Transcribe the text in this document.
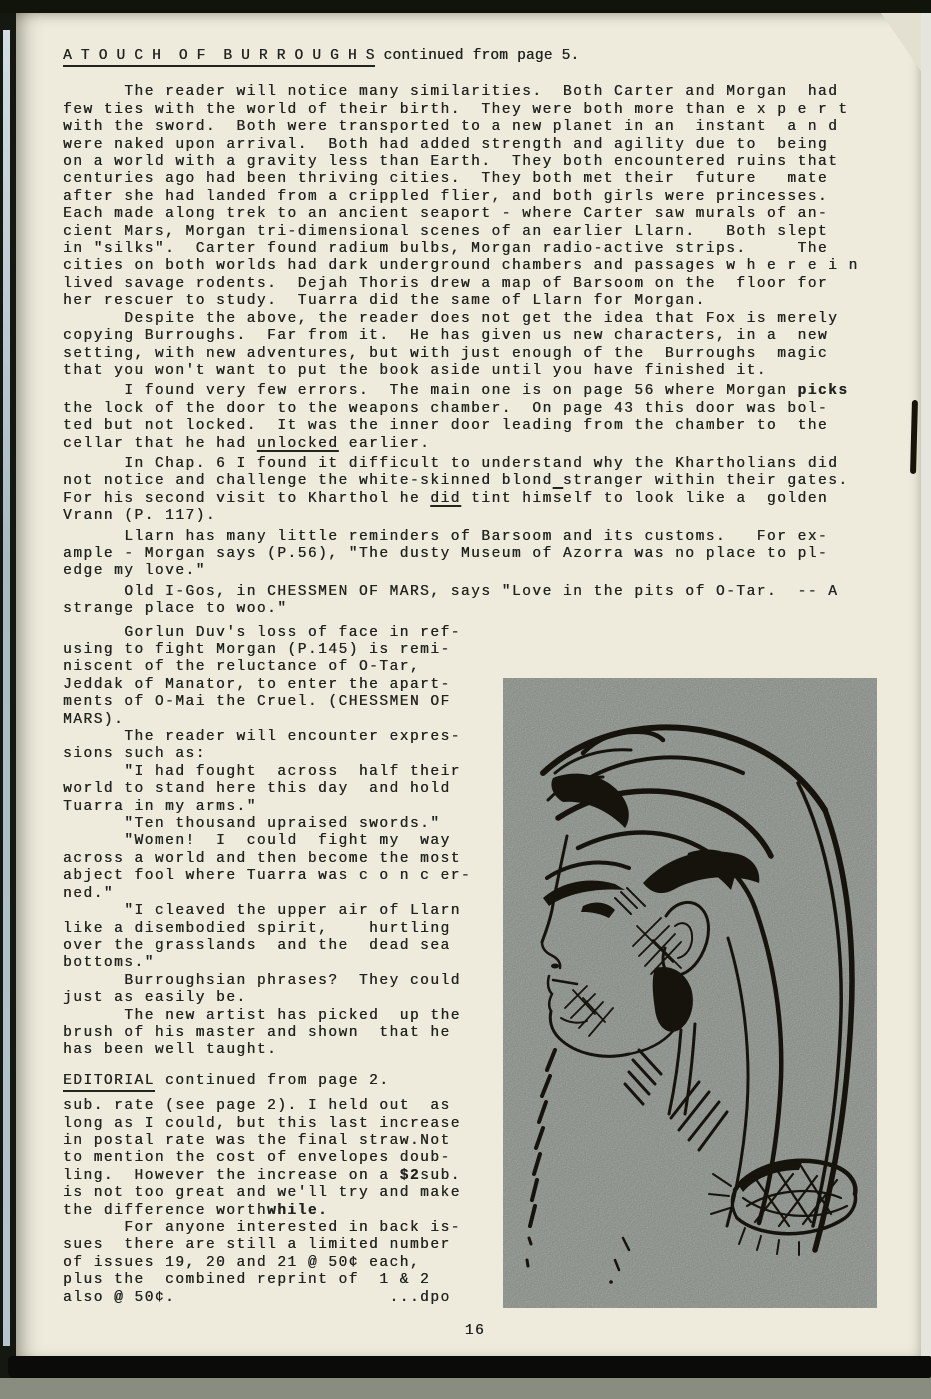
A T O U C H  O F  B U R R O U G H S continued from page 5.
The reader will notice many similarities.  Both Carter and Morgan  had
few ties with the world of their birth.  They were both more than e x p e r t
with the sword.  Both were transported to a new planet in an  instant  a n d
were naked upon arrival.  Both had added strength and agility due to  being
on a world with a gravity less than Earth.  They both encountered ruins that
centuries ago had been thriving cities.  They both met their  future   mate
after she had landed from a crippled flier, and both girls were princesses.
Each made along trek to an ancient seaport - where Carter saw murals of an-
cient Mars, Morgan tri-dimensional scenes of an earlier Llarn.   Both slept
in "silks".  Carter found radium bulbs, Morgan radio-active strips.     The
cities on both worlds had dark underground chambers and passages w h e r e i n
lived savage rodents.  Dejah Thoris drew a map of Barsoom on the  floor for
her rescuer to study.  Tuarra did the same of Llarn for Morgan.
Despite the above, the reader does not get the idea that Fox is merely
copying Burroughs.  Far from it.  He has given us new characters, in a  new
setting, with new adventures, but with just enough of the  Burroughs  magic
that you won't want to put the book aside until you have finished it.
I found very few errors.  The main one is on page 56 where Morgan picks
the lock of the door to the weapons chamber.  On page 43 this door was bol-
ted but not locked.  It was the inner door leading from the chamber to  the
cellar that he had unlocked earlier.
In Chap. 6 I found it difficult to understand why the Khartholians did
not notice and challenge the white-skinned blond stranger within their gates.
For his second visit to Kharthol he did tint himself to look like a  golden
Vrann (P. 117).
Llarn has many little reminders of Barsoom and its customs.   For ex-
ample - Morgan says (P.56), "The dusty Museum of Azorra was no place to pl-
edge my love."
Old I-Gos, in CHESSMEN OF MARS, says "Love in the pits of O-Tar.  -- A
strange place to woo."
Gorlun Duv's loss of face in ref-
using to fight Morgan (P.145) is remi-
niscent of the reluctance of O-Tar,
Jeddak of Manator, to enter the apart-
ments of O-Mai the Cruel. (CHESSMEN OF
MARS).
The reader will encounter expres-
sions such as:
"I had fought  across  half their
world to stand here this day  and hold
Tuarra in my arms."
"Ten thousand upraised swords."
"Women!  I  could  fight my  way
across a world and then become the most
abject fool where Tuarra was c o n c er-
ned."
"I cleaved the upper air of Llarn
like a disembodied spirit,    hurtling
over the grasslands  and the  dead sea
bottoms."
Burroughsian phrases?  They could
just as easily be.
The new artist has picked  up the
brush of his master and shown  that he
has been well taught.
EDITORIAL continued from page 2.
sub. rate (see page 2). I held out  as
long as I could, but this last increase
in postal rate was the final straw.Not
to mention the cost of envelopes doub-
ling.  However the increase on a $2sub.
is not too great and we'll try and make
the difference worthwhile.
For anyone interested in back is-
sues  there are still a limited number
of issues 19, 20 and 21 @ 50¢ each,
plus the  combined reprint of  1 & 2
also @ 50¢.                     ...dpo
16
